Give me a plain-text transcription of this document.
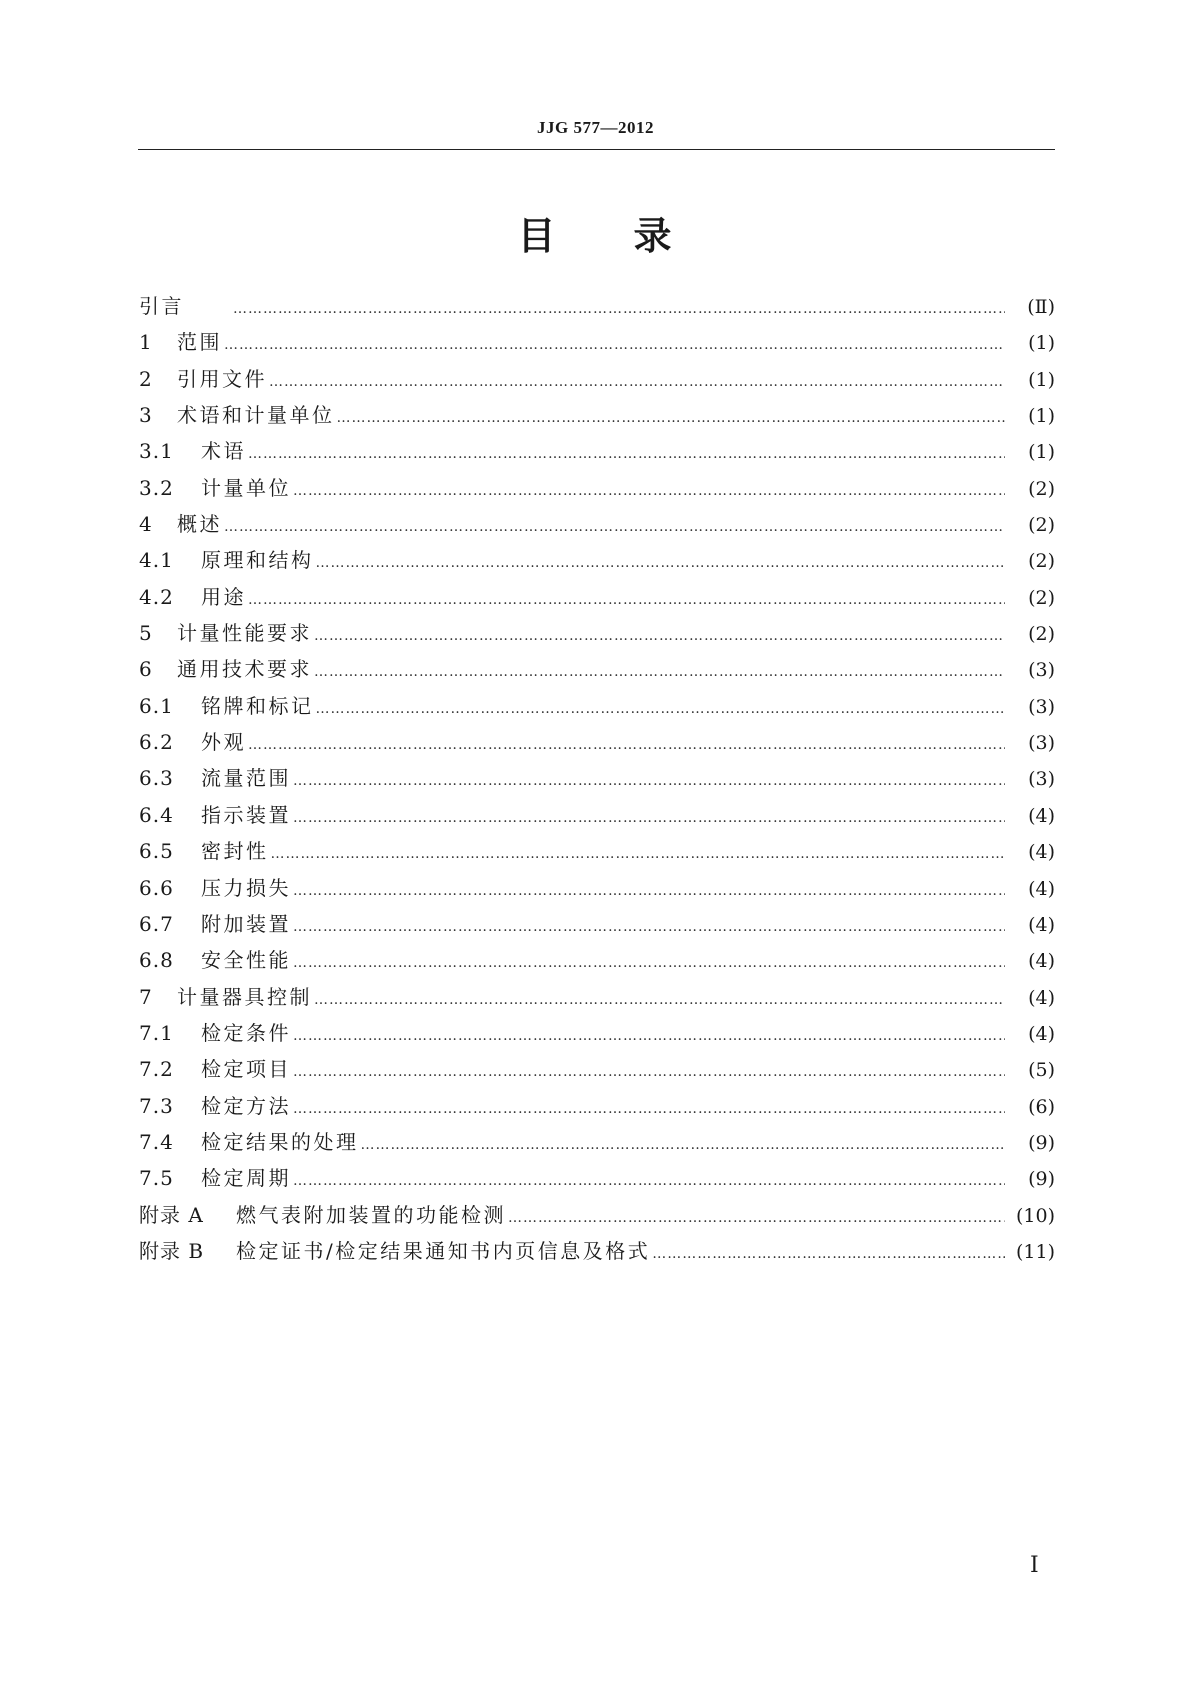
JJG 577—2012
目 录
引言 ……………………………………………………………………………………………………………………………………………………………………………………………………………………	(Ⅱ)
1	范围 ……………………………………………………………………………………………………………………………………………………………………………………………………………………	(1)
2	引用文件 ……………………………………………………………………………………………………………………………………………………………………………………………………………………	(1)
3	术语和计量单位 ……………………………………………………………………………………………………………………………………………………………………………………………………………………	(1)
3.1	术语 ……………………………………………………………………………………………………………………………………………………………………………………………………………………	(1)
3.2	计量单位 ……………………………………………………………………………………………………………………………………………………………………………………………………………………	(2)
4	概述 ……………………………………………………………………………………………………………………………………………………………………………………………………………………	(2)
4.1	原理和结构 ……………………………………………………………………………………………………………………………………………………………………………………………………………………	(2)
4.2	用途 ……………………………………………………………………………………………………………………………………………………………………………………………………………………	(2)
5	计量性能要求 ……………………………………………………………………………………………………………………………………………………………………………………………………………………	(2)
6	通用技术要求 ……………………………………………………………………………………………………………………………………………………………………………………………………………………	(3)
6.1	铭牌和标记 ……………………………………………………………………………………………………………………………………………………………………………………………………………………	(3)
6.2	外观 ……………………………………………………………………………………………………………………………………………………………………………………………………………………	(3)
6.3	流量范围 ……………………………………………………………………………………………………………………………………………………………………………………………………………………	(3)
6.4	指示装置 ……………………………………………………………………………………………………………………………………………………………………………………………………………………	(4)
6.5	密封性 ……………………………………………………………………………………………………………………………………………………………………………………………………………………	(4)
6.6	压力损失 ……………………………………………………………………………………………………………………………………………………………………………………………………………………	(4)
6.7	附加装置 ……………………………………………………………………………………………………………………………………………………………………………………………………………………	(4)
6.8	安全性能 ……………………………………………………………………………………………………………………………………………………………………………………………………………………	(4)
7	计量器具控制 ……………………………………………………………………………………………………………………………………………………………………………………………………………………	(4)
7.1	检定条件 ……………………………………………………………………………………………………………………………………………………………………………………………………………………	(4)
7.2	检定项目 ……………………………………………………………………………………………………………………………………………………………………………………………………………………	(5)
7.3	检定方法 ……………………………………………………………………………………………………………………………………………………………………………………………………………………	(6)
7.4	检定结果的处理 ……………………………………………………………………………………………………………………………………………………………………………………………………………………	(9)
7.5	检定周期 ……………………………………………………………………………………………………………………………………………………………………………………………………………………	(9)
附录 A	燃气表附加装置的功能检测 ……………………………………………………………………………………………………………………………………………………………………………………………………………………	(10)
附录 B	检定证书/检定结果通知书内页信息及格式 ……………………………………………………………………………………………………………………………………………………………………………………………………………………	(11)
Ⅰ
